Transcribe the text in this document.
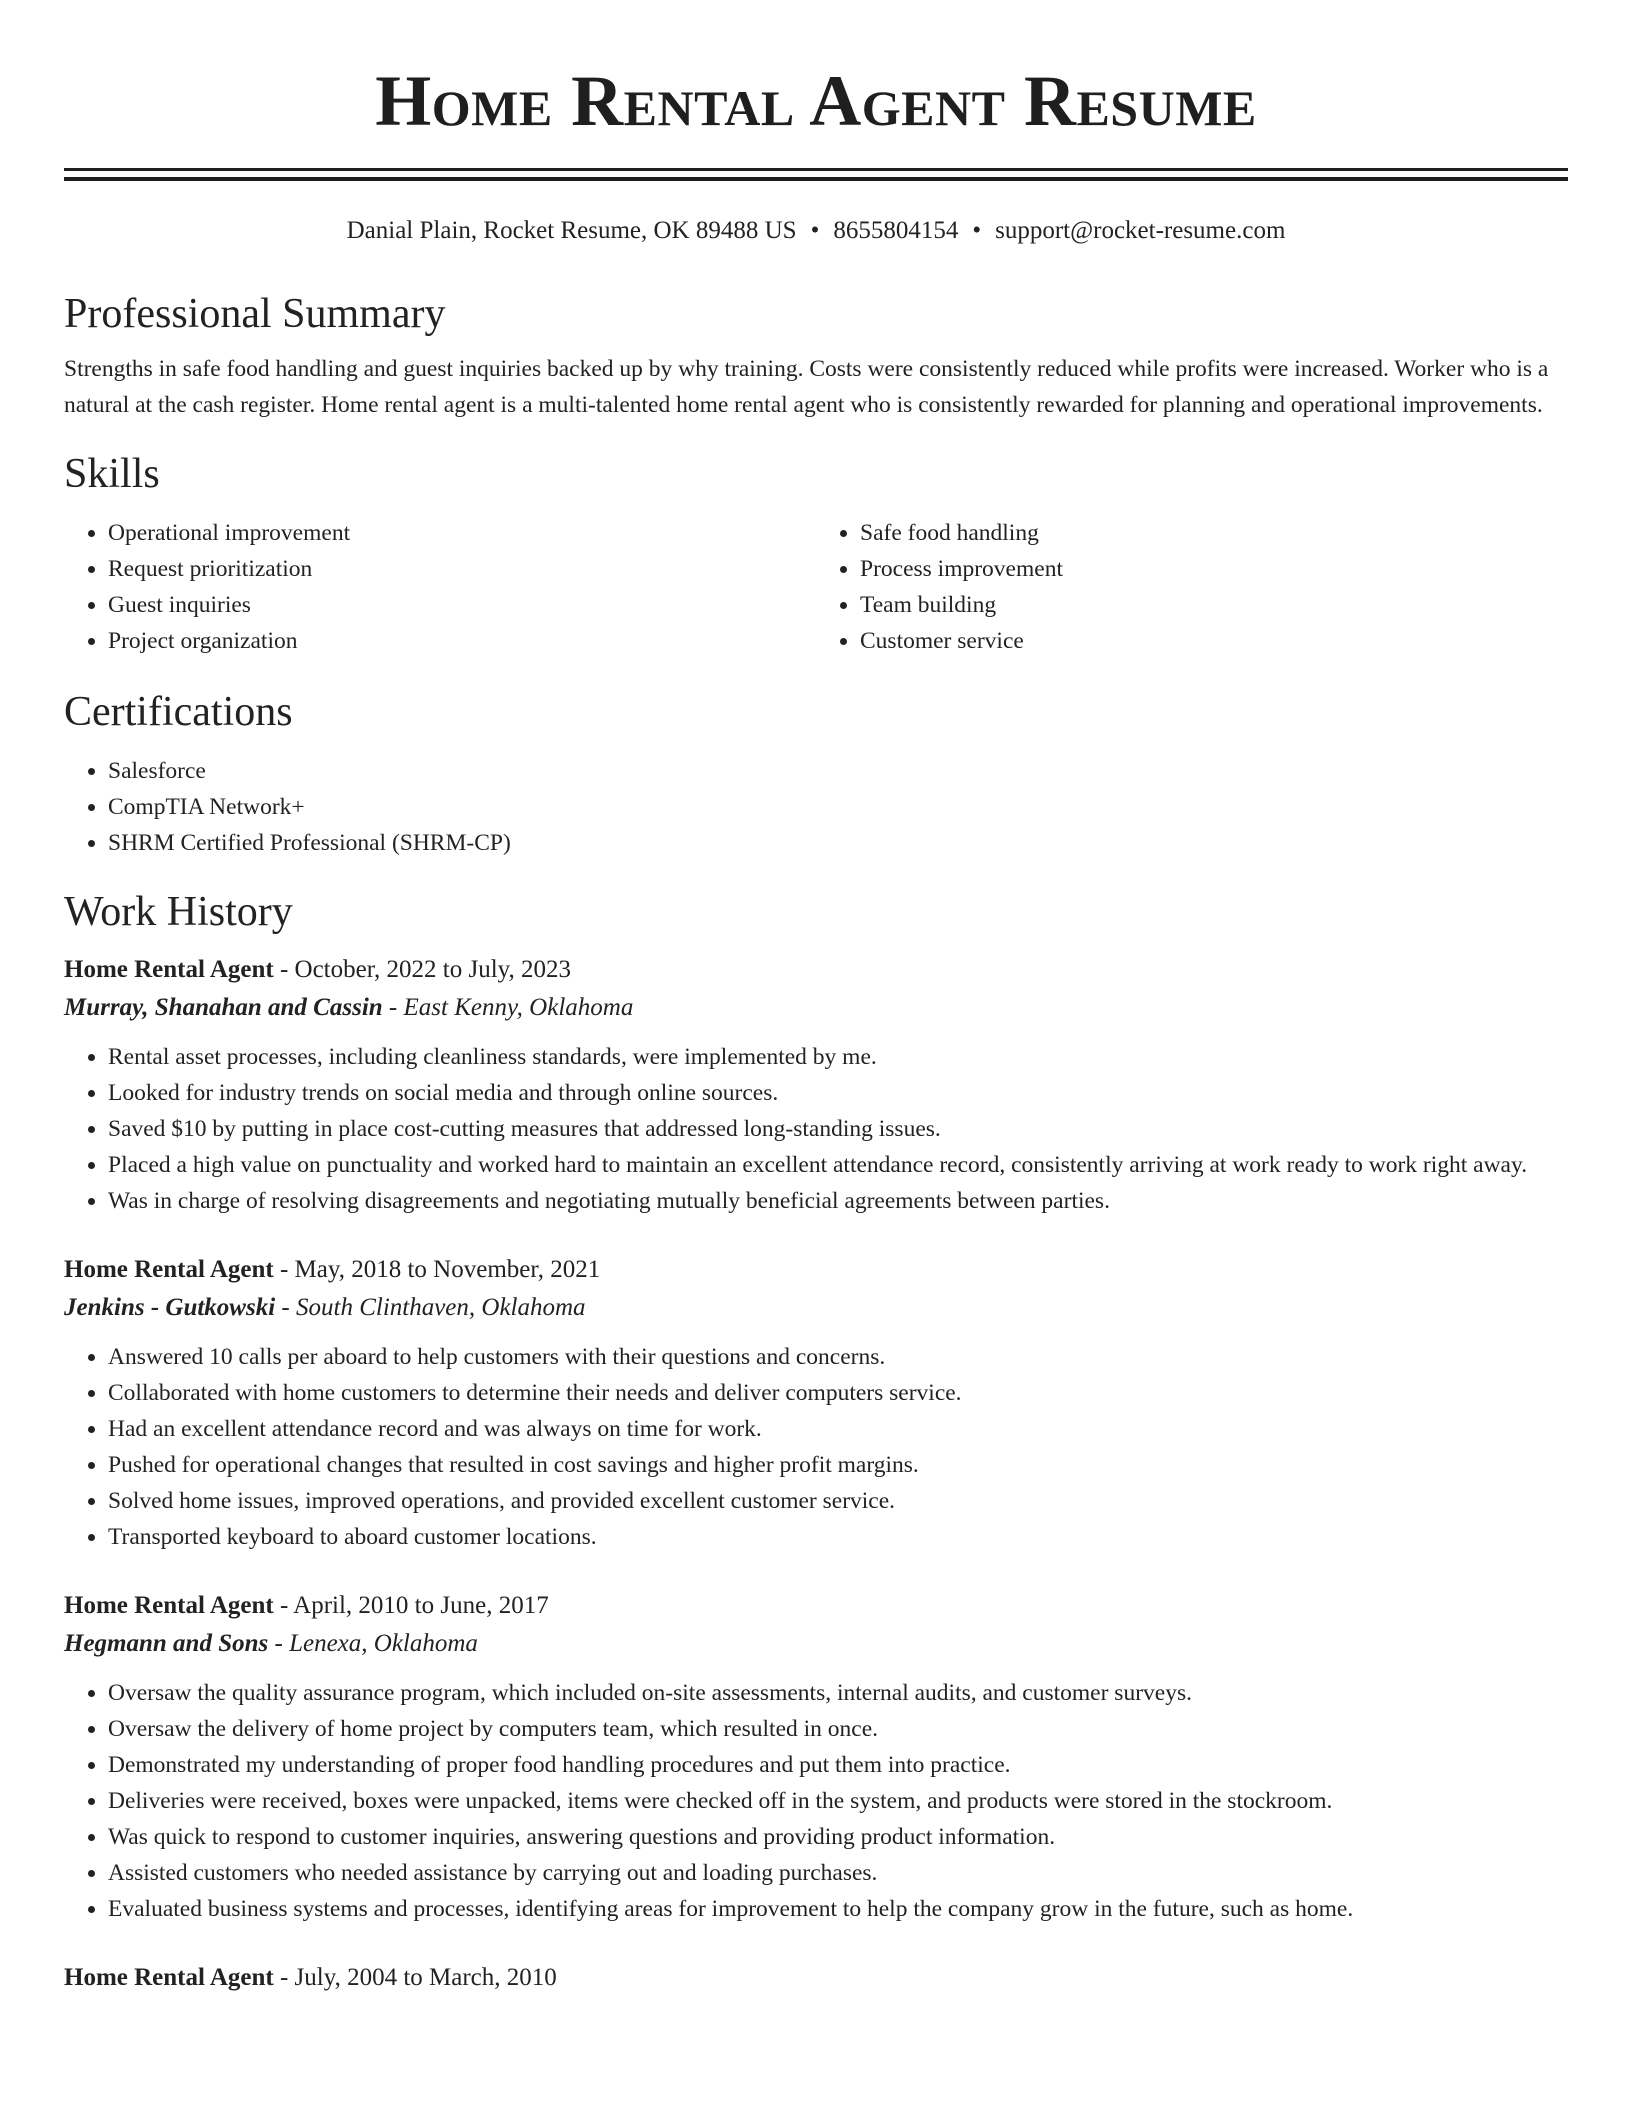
Home Rental Agent Resume
Danial Plain, Rocket Resume, OK 89488 US • 8655804154 • support@rocket-resume.com
Professional Summary

Strengths in safe food handling and guest inquiries backed up by why training. Costs were consistently reduced while profits were increased. Worker who is a natural at the cash register. Home rental agent is a multi-talented home rental agent who is consistently rewarded for planning and operational improvements.

Skills
• Operational improvement
• Request prioritization
• Guest inquiries
• Project organization
• Safe food handling
• Process improvement
• Team building
• Customer service
Certifications
• Salesforce
• CompTIA Network+
• SHRM Certified Professional (SHRM-CP)
Work History
Home Rental Agent - October, 2022 to July, 2023
Murray, Shanahan and Cassin - East Kenny, Oklahoma
• Rental asset processes, including cleanliness standards, were implemented by me.
• Looked for industry trends on social media and through online sources.
• Saved $10 by putting in place cost-cutting measures that addressed long-standing issues.
• Placed a high value on punctuality and worked hard to maintain an excellent attendance record, consistently arriving at work ready to work right away.
• Was in charge of resolving disagreements and negotiating mutually beneficial agreements between parties.
Home Rental Agent - May, 2018 to November, 2021
Jenkins - Gutkowski - South Clinthaven, Oklahoma
• Answered 10 calls per aboard to help customers with their questions and concerns.
• Collaborated with home customers to determine their needs and deliver computers service.
• Had an excellent attendance record and was always on time for work.
• Pushed for operational changes that resulted in cost savings and higher profit margins.
• Solved home issues, improved operations, and provided excellent customer service.
• Transported keyboard to aboard customer locations.
Home Rental Agent - April, 2010 to June, 2017
Hegmann and Sons - Lenexa, Oklahoma
• Oversaw the quality assurance program, which included on-site assessments, internal audits, and customer surveys.
• Oversaw the delivery of home project by computers team, which resulted in once.
• Demonstrated my understanding of proper food handling procedures and put them into practice.
• Deliveries were received, boxes were unpacked, items were checked off in the system, and products were stored in the stockroom.
• Was quick to respond to customer inquiries, answering questions and providing product information.
• Assisted customers who needed assistance by carrying out and loading purchases.
• Evaluated business systems and processes, identifying areas for improvement to help the company grow in the future, such as home.
Home Rental Agent - July, 2004 to March, 2010
